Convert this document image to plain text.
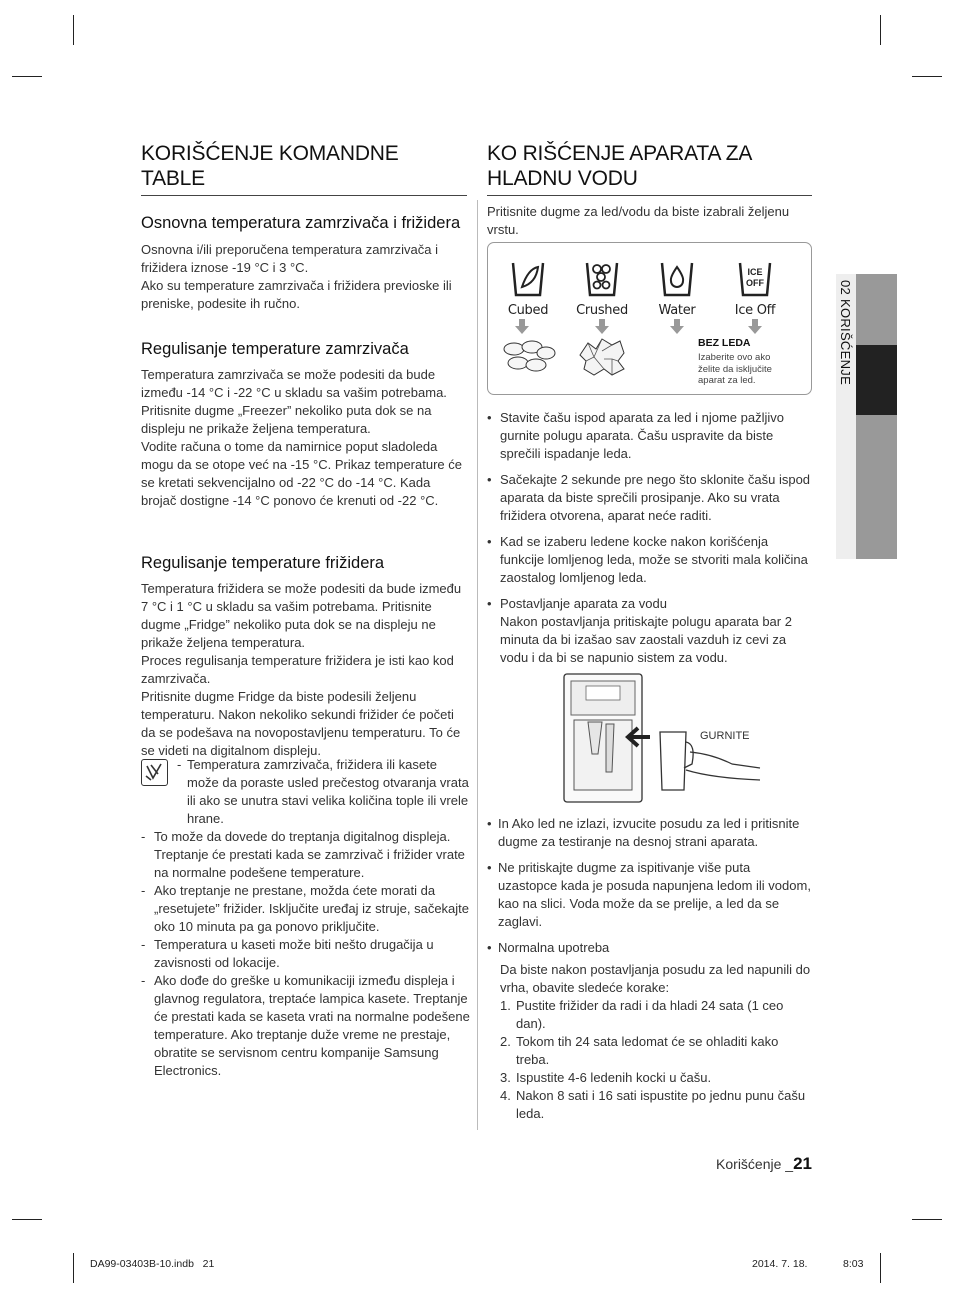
KORIŠĆENJE KOMANDNE TABLE
Osnovna temperatura zamrzivača i frižidera

Osnovna i/ili preporučena temperatura zamrzivača i frižidera iznose -19 °C i 3 °C.

Ako su temperature zamrzivača i frižidera previoske ili preniske, podesite ih ručno.

Regulisanje temperature zamrzivača

Temperatura zamrzivača se može podesiti da bude između -14 °C i -22 °C u skladu sa vašim potrebama. Pritisnite dugme „Freezer” nekoliko puta dok se na displeju ne prikaže željena temperatura.

Vodite računa o tome da namirnice poput sladoleda mogu da se otope već na -15 °C. Prikaz temperature će se kretati sekvencijalno od -22 °C do -14 °C. Kada brojač dostigne -14 °C ponovo će krenuti od -22 °C.

Regulisanje temperature frižidera

Temperatura frižidera se može podesiti da bude između 7 °C i 1 °C u skladu sa vašim potrebama. Pritisnite dugme „Fridge” nekoliko puta dok se na displeju ne prikaže željena temperatura.

Proces regulisanja temperature frižidera je isti kao kod zamrzivača.

Pritisnite dugme Fridge da biste podesili željenu temperaturu. Nakon nekoliko sekundi frižider će početi da se podešava na novopostavljenu temperaturu. To će se videti na digitalnom displeju.

- Temperatura zamrzivača, frižidera ili kasete može da poraste usled prečestog otvaranja vrata ili ako se unutra stavi velika količina tople ili vrele hrane.
- To može da dovede do treptanja digitalnog displeja. Treptanje će prestati kada se zamrzivač i frižider vrate na normalne podešene temperature.
- Ako treptanje ne prestane, možda ćete morati da „resetujete” frižider. Isključite uređaj iz struje, sačekajte oko 10 minuta pa ga ponovo priključite.
- Temperatura u kaseti može biti nešto drugačija u zavisnosti od lokacije.
- Ako dođe do greške u komunikaciji između displeja i glavnog regulatora, treptaće lampica kasete. Treptanje će prestati kada se kaseta vrati na normalne podešene temperature. Ako treptanje duže vreme ne prestaje, obratite se servisnom centru kompanije Samsung Electronics.
KO RIŠĆENJE APARATA ZA HLADNU VODU

Pritisnite dugme za led/vodu da biste izabrali željenu vrstu.

Cubed	Crushed	Water
ICE
OFF
Ice Off
BEZ LEDA
Izaberite ovo ako želite da isključite aparat za led.
• Stavite čašu ispod aparata za led i njome pažljivo gurnite polugu aparata. Čašu uspravite da biste sprečili ispadanje leda.
• Sačekajte 2 sekunde pre nego što sklonite čašu ispod aparata da biste sprečili prosipanje. Ako su vrata frižidera otvorena, aparat neće raditi.
• Kad se izaberu ledene kocke nakon korišćenja funkcije lomljenog leda, može se stvoriti mala količina zaostalog lomljenog leda.
• Postavljanje aparata za vodu
Nakon postavljanja pritiskajte polugu aparata bar 2 minuta da bi izašao sav zaostali vazduh iz cevi za vodu i da bi se napunio sistem za vodu.
GURNITE
• In Ako led ne izlazi, izvucite posudu za led i pritisnite dugme za testiranje na desnoj strani aparata.
• Ne pritiskajte dugme za ispitivanje više puta uzastopce kada je posuda napunjena ledom ili vodom, kao na slici. Voda može da se prelije, a led da se zaglavi.
• Normalna upotreba

Da biste nakon postavljanja posudu za led napunili do vrha, obavite sledeće korake:

1. Pustite frižider da radi i da hladi 24 sata (1 ceo dan).
2. Tokom tih 24 sata ledomat će se ohladiti kako treba.
3. Ispustite 4-6 ledenih kocki u čašu.
4. Nakon 8 sati i 16 sati ispustite po jednu punu čašu leda.
02 KORIŠĆENJE
Korišćenje _21
DA99-03403B-10.indb   21	2014. 7. 18.	8:03
